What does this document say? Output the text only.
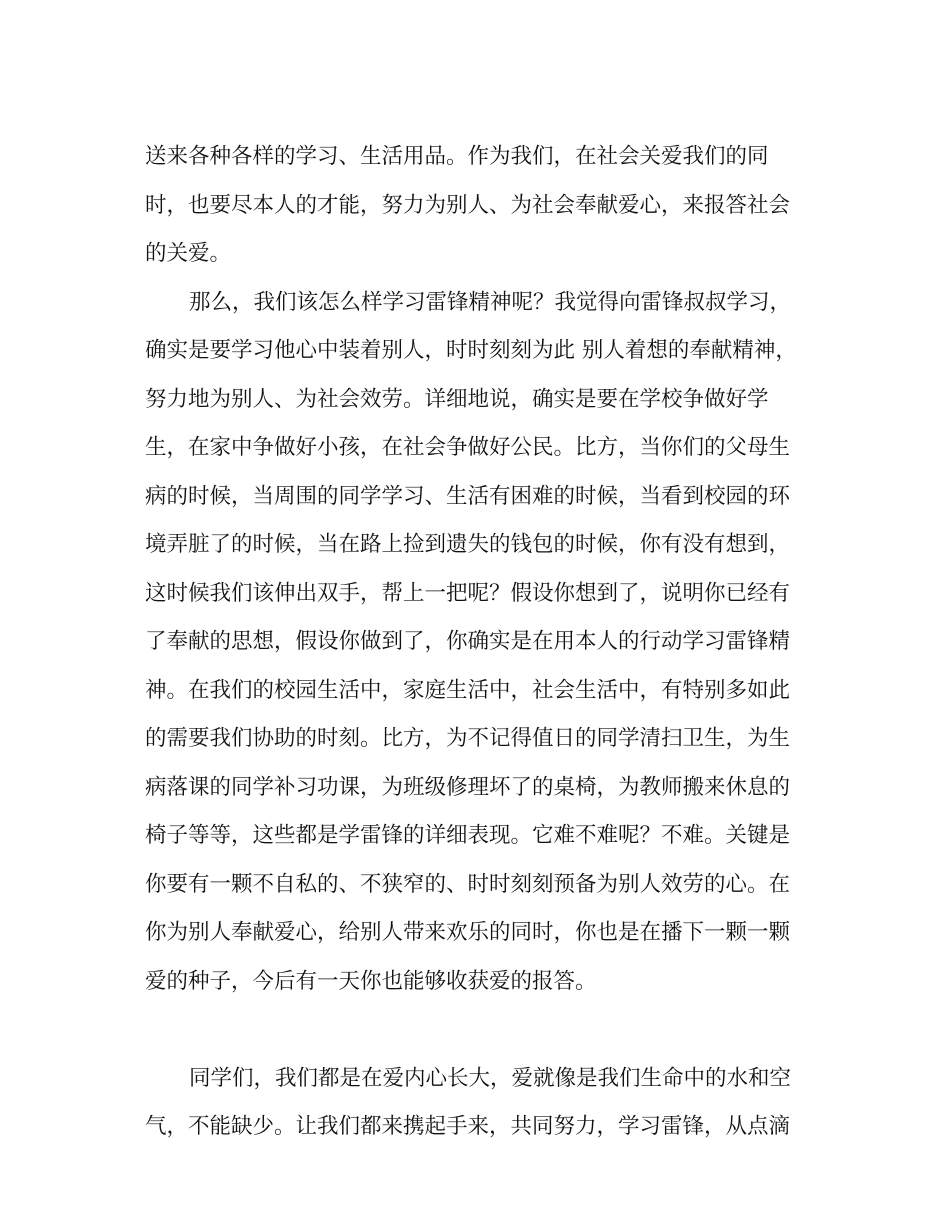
送来各种各样的学习、生活用品。作为我们，在社会关爱我们的同
时，也要尽本人的才能，努力为别人、为社会奉献爱心，来报答社会
的关爱。
那么，我们该怎么样学习雷锋精神呢？我觉得向雷锋叔叔学习，
确实是要学习他心中装着别人，时时刻刻为此 别人着想的奉献精神，
努力地为别人、为社会效劳。详细地说，确实是要在学校争做好学
生，在家中争做好小孩，在社会争做好公民。比方，当你们的父母生
病的时候，当周围的同学学习、生活有困难的时候，当看到校园的环
境弄脏了的时候，当在路上捡到遗失的钱包的时候，你有没有想到，
这时候我们该伸出双手，帮上一把呢？假设你想到了，说明你已经有
了奉献的思想，假设你做到了，你确实是在用本人的行动学习雷锋精
神。在我们的校园生活中，家庭生活中，社会生活中，有特别多如此
的需要我们协助的时刻。比方，为不记得值日的同学清扫卫生，为生
病落课的同学补习功课，为班级修理坏了的桌椅，为教师搬来休息的
椅子等等，这些都是学雷锋的详细表现。它难不难呢？不难。关键是
你要有一颗不自私的、不狭窄的、时时刻刻预备为别人效劳的心。在
你为别人奉献爱心，给别人带来欢乐的同时，你也是在播下一颗一颗
爱的种子，今后有一天你也能够收获爱的报答。
同学们，我们都是在爱内心长大，爱就像是我们生命中的水和空
气，不能缺少。让我们都来携起手来，共同努力，学习雷锋，从点滴
